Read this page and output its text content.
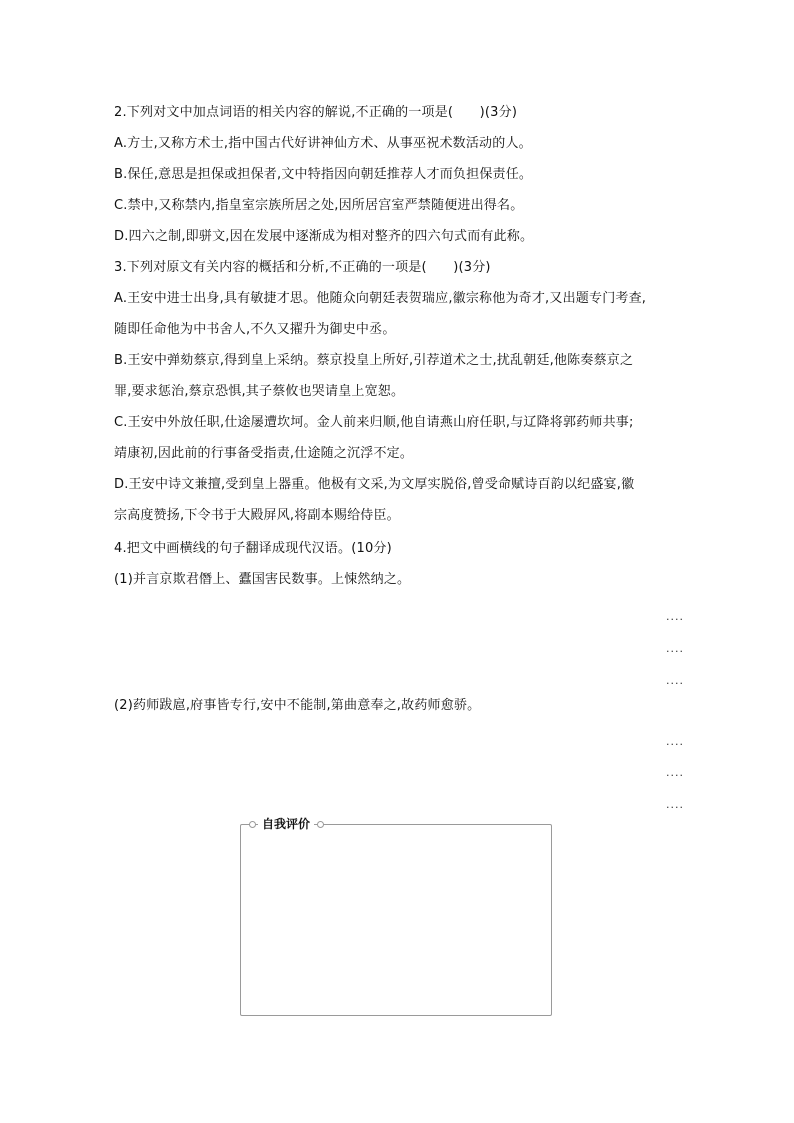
2.下列对文中加点词语的相关内容的解说,不正确的一项是(　　)(3分)
A.方士,又称方术士,指中国古代好讲神仙方术、从事巫祝术数活动的人。
B.保任,意思是担保或担保者,文中特指因向朝廷推荐人才而负担保责任。
C.禁中,又称禁内,指皇室宗族所居之处,因所居宫室严禁随便进出得名。
D.四六之制,即骈文,因在发展中逐渐成为相对整齐的四六句式而有此称。
3.下列对原文有关内容的概括和分析,不正确的一项是(　　)(3分)
A.王安中进士出身,具有敏捷才思。他随众向朝廷表贺瑞应,徽宗称他为奇才,又出题专门考查,
随即任命他为中书舍人,不久又擢升为御史中丞。
B.王安中弹劾蔡京,得到皇上采纳。蔡京投皇上所好,引荐道术之士,扰乱朝廷,他陈奏蔡京之
罪,要求惩治,蔡京恐惧,其子蔡攸也哭请皇上宽恕。
C.王安中外放任职,仕途屡遭坎坷。金人前来归顺,他自请燕山府任职,与辽降将郭药师共事;
靖康初,因此前的行事备受指责,仕途随之沉浮不定。
D.王安中诗文兼擅,受到皇上器重。他极有文采,为文厚实脱俗,曾受命赋诗百韵以纪盛宴,徽
宗高度赞扬,下令书于大殿屏风,将副本赐给侍臣。
4.把文中画横线的句子翻译成现代汉语。(10分)
(1)并言京欺君僭上、蠹国害民数事。上悚然纳之。
....
....
....
(2)药师跋扈,府事皆专行,安中不能制,第曲意奉之,故药师愈骄。
....
....
....
自我评价
